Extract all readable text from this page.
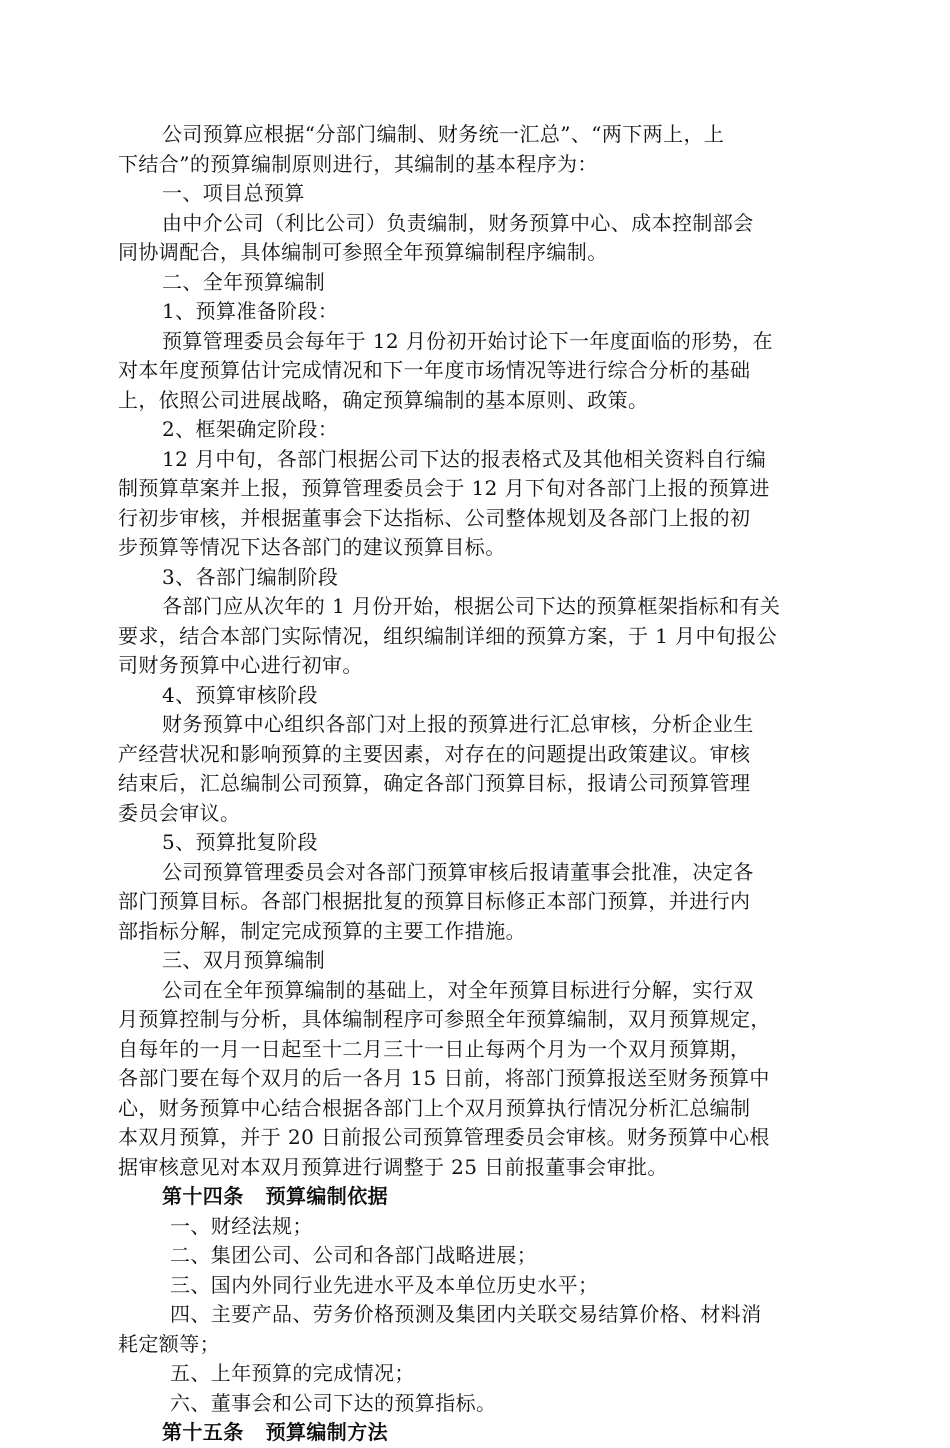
公司预算应根据“分部门编制、财务统一汇总”、“两下两上，上

下结合”的预算编制原则进行，其编制的基本程序为：

一、项目总预算

由中介公司（利比公司）负责编制，财务预算中心、成本控制部会

同协调配合，具体编制可参照全年预算编制程序编制。

二、全年预算编制

1、预算准备阶段：

预算管理委员会每年于 12 月份初开始讨论下一年度面临的形势，在

对本年度预算估计完成情况和下一年度市场情况等进行综合分析的基础

上，依照公司进展战略，确定预算编制的基本原则、政策。

2、框架确定阶段：

12 月中旬，各部门根据公司下达的报表格式及其他相关资料自行编

制预算草案并上报，预算管理委员会于 12 月下旬对各部门上报的预算进

行初步审核，并根据董事会下达指标、公司整体规划及各部门上报的初

步预算等情况下达各部门的建议预算目标。

3、各部门编制阶段

各部门应从次年的 1 月份开始，根据公司下达的预算框架指标和有关

要求，结合本部门实际情况，组织编制详细的预算方案，于 1 月中旬报公

司财务预算中心进行初审。

4、预算审核阶段

财务预算中心组织各部门对上报的预算进行汇总审核，分析企业生

产经营状况和影响预算的主要因素，对存在的问题提出政策建议。审核

结束后，汇总编制公司预算，确定各部门预算目标，报请公司预算管理

委员会审议。

5、预算批复阶段

公司预算管理委员会对各部门预算审核后报请董事会批准，决定各

部门预算目标。各部门根据批复的预算目标修正本部门预算，并进行内

部指标分解，制定完成预算的主要工作措施。

三、双月预算编制

公司在全年预算编制的基础上，对全年预算目标进行分解，实行双

月预算控制与分析，具体编制程序可参照全年预算编制，双月预算规定，

自每年的一月一日起至十二月三十一日止每两个月为一个双月预算期，

各部门要在每个双月的后一各月 15 日前，将部门预算报送至财务预算中

心，财务预算中心结合根据各部门上个双月预算执行情况分析汇总编制

本双月预算，并于 20 日前报公司预算管理委员会审核。财务预算中心根

据审核意见对本双月预算进行调整于 25 日前报董事会审批。

第十四条 预算编制依据

一、财经法规；

二、集团公司、公司和各部门战略进展；

三、国内外同行业先进水平及本单位历史水平；

四、主要产品、劳务价格预测及集团内关联交易结算价格、材料消

耗定额等；

五、上年预算的完成情况；

六、董事会和公司下达的预算指标。

第十五条 预算编制方法
